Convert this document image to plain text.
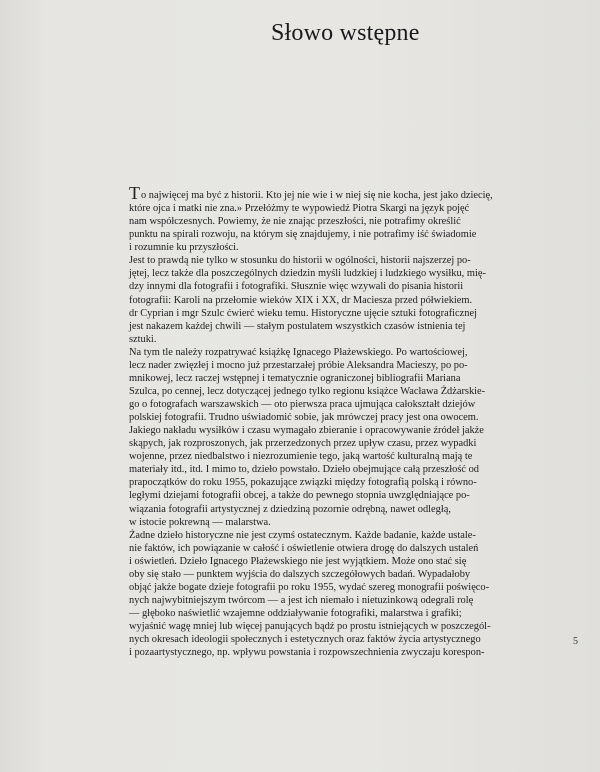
Słowo wstępne
To najwięcej ma być z historii. Kto jej nie wie i w niej się nie kocha, jest jako dziecię,
które ojca i matki nie zna.» Przełóżmy te wypowiedź Piotra Skargi na język pojęć
nam współczesnych. Powiemy, że nie znając przeszłości, nie potrafimy określić
punktu na spirali rozwoju, na którym się znajdujemy, i nie potrafimy iść świadomie
i rozumnie ku przyszłości.
Jest to prawdą nie tylko w stosunku do historii w ogólności, historii najszerzej po-
jętej, lecz także dla poszczególnych dziedzin myśli ludzkiej i ludzkiego wysiłku, mię-
dzy innymi dla fotografii i fotografiki. Słusznie więc wzywali do pisania historii
fotografii: Karoli na przełomie wieków XIX i XX, dr Maciesza przed półwiekiem.
dr Cyprian i mgr Szulc ćwierć wieku temu. Historyczne ujęcie sztuki fotograficznej
jest nakazem każdej chwili — stałym postulatem wszystkich czasów istnienia tej
sztuki.
Na tym tle należy rozpatrywać książkę Ignacego Płażewskiego. Po wartościowej,
lecz nader zwięzłej i mocno już przestarzałej próbie Aleksandra Macieszy, po po-
mnikowej, lecz raczej wstępnej i tematycznie ograniczonej bibliografii Mariana
Szulca, po cennej, lecz dotyczącej jednego tylko regionu książce Wacława Żdżarskie-
go o fotografach warszawskich — oto pierwsza praca ujmująca całokształt dziejów
polskiej fotografii. Trudno uświadomić sobie, jak mrówczej pracy jest ona owocem.
Jakiego nakładu wysiłków i czasu wymagało zbieranie i opracowywanie źródeł jakże
skąpych, jak rozproszonych, jak przerzedzonych przez upływ czasu, przez wypadki
wojenne, przez niedbalstwo i niezrozumienie tego, jaką wartość kulturalną mają te
materiały itd., itd. I mimo to, dzieło powstało. Dzieło obejmujące całą przeszłość od
prapoczątków do roku 1955, pokazujące związki między fotografią polską i równo-
ległymi dziejami fotografii obcej, a także do pewnego stopnia uwzględniające po-
wiązania fotografii artystycznej z dziedziną pozornie odrębną, nawet odległą,
w istocie pokrewną — malarstwa.
Żadne dzieło historyczne nie jest czymś ostatecznym. Każde badanie, każde ustale-
nie faktów, ich powiązanie w całość i oświetlenie otwiera drogę do dalszych ustaleń
i oświetleń. Dzieło Ignacego Płażewskiego nie jest wyjątkiem. Może ono stać się
oby się stało — punktem wyjścia do dalszych szczegółowych badań. Wypadałoby
objąć jakże bogate dzieje fotografii po roku 1955, wydać szereg monografii poświęco-
nych najwybitniejszym twórcom — a jest ich niemało i nietuzinkową odegrali rolę
— głęboko naświetlić wzajemne oddziaływanie fotografiki, malarstwa i grafiki;
wyjaśnić wagę mniej lub więcej panujących bądź po prostu istniejących w poszczegól-
nych okresach ideologii społecznych i estetycznych oraz faktów życia artystycznego
i pozaartystycznego, np. wpływu powstania i rozpowszechnienia zwyczaju korespon-
5
